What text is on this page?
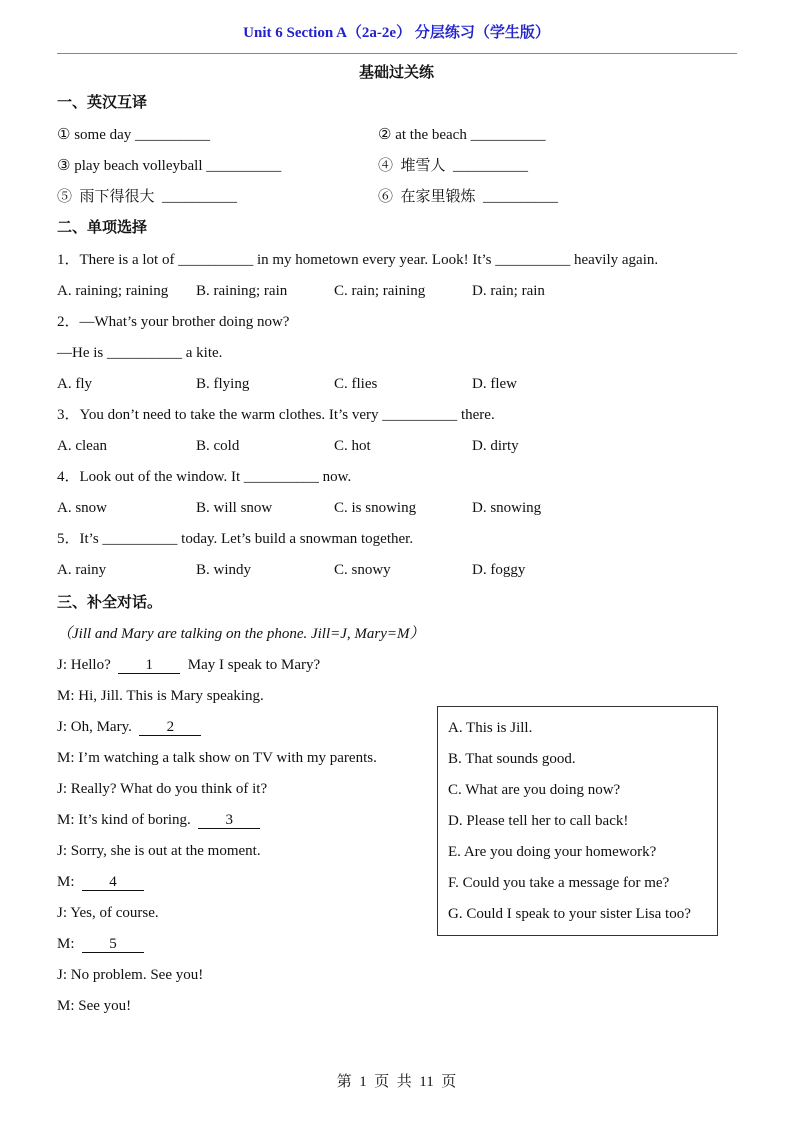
Unit 6 Section A（2a-2e） 分层练习（学生版）
基础过关练
一、英汉互译
① some day __________	② at the beach __________
③ play beach volleyball __________	④  堆雪人  __________
⑤  雨下得很大  __________	⑥  在家里锻炼  __________
二、单项选择
1．There is a lot of __________ in my hometown every year. Look! It’s __________ heavily again.
A. raining; raining B. raining; rain	C. rain; raining	D. rain; rain
2．—What’s your brother doing now?
—He is __________ a kite.
A. fly	B. flying	C. flies	D. flew
3．You don’t need to take the warm clothes. It’s very __________ there.
A. clean	B. cold	C. hot	D. dirty
4．Look out of the window. It __________ now.
A. snow	B. will snow	C. is snowing	D. snowing
5．It’s __________ today. Let’s build a snowman together.
A. rainy	B. windy	C. snowy	D. foggy
三、补全对话。
（Jill and Mary are talking on the phone. Jill=J, Mary=M）
J: Hello?  1  May I speak to Mary?
M: Hi, Jill. This is Mary speaking.
J: Oh, Mary.  2
M: I’m watching a talk show on TV with my parents.
J: Really? What do you think of it?
M: It’s kind of boring.  3
J: Sorry, she is out at the moment.
M:  4
J: Yes, of course.
M:  5
J: No problem. See you!
M: See you!
A. This is Jill.
B. That sounds good.
C. What are you doing now?
D. Please tell her to call back!
E. Are you doing your homework?
F. Could you take a message for me?
G. Could I speak to your sister Lisa too?
第  1  页  共  11  页
